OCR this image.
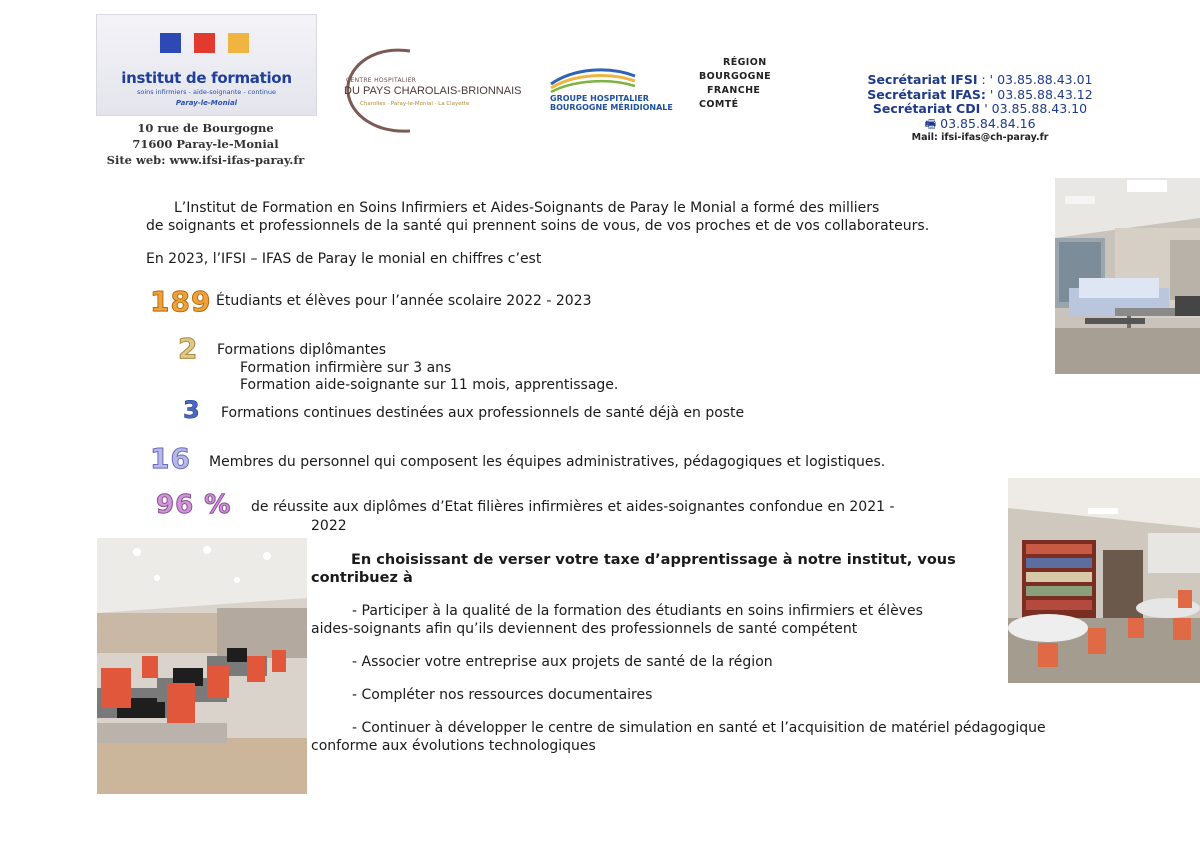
institut de formation
soins infirmiers - aide-soignante - continue
Paray-le-Monial
10 rue de Bourgogne
71600 Paray-le-Monial
Site web: www.ifsi-ifas-paray.fr
CENTRE HOSPITALIER
DU PAYS CHAROLAIS-BRIONNAIS
Charolles · Paray-le-Monial · La Clayette
GROUPE HOSPITALIER
BOURGOGNE MÉRIDIONALE
RÉGION
BOURGOGNE
FRANCHE
COMTÉ
Secrétariat IFSI : ' 03.85.88.43.01
Secrétariat IFAS: ' 03.85.88.43.12
Secrétariat CDI ' 03.85.88.43.10
🖷 03.85.84.84.16
Mail: ifsi-ifas@ch-paray.fr
L’Institut de Formation en Soins Infirmiers et Aides-Soignants de Paray le Monial a formé des milliers
de soignants et professionnels de la santé qui prennent soins de vous, de vos proches et de vos collaborateurs.
En 2023, l’IFSI – IFAS de Paray le monial en chiffres c’est
189 Étudiants et élèves pour l’année scolaire 2022 - 2023
2 Formations diplômantes
Formation infirmière sur 3 ans
Formation aide-soignante sur 11 mois, apprentissage.
3 Formations continues destinées aux professionnels de santé déjà en poste
16 Membres du personnel qui composent les équipes administratives, pédagogiques et logistiques.
96 % de réussite aux diplômes d’Etat filières infirmières et aides-soignantes confondue en 2021 -
2022
En choisissant de verser votre taxe d’apprentissage à notre institut, vous
contribuez à
- Participer à la qualité de la formation des étudiants en soins infirmiers et élèves
aides-soignants afin qu’ils deviennent des professionnels de santé compétent
- Associer votre entreprise aux projets de santé de la région
- Compléter nos ressources documentaires
- Continuer à développer le centre de simulation en santé et l’acquisition de matériel pédagogique
conforme aux évolutions technologiques
